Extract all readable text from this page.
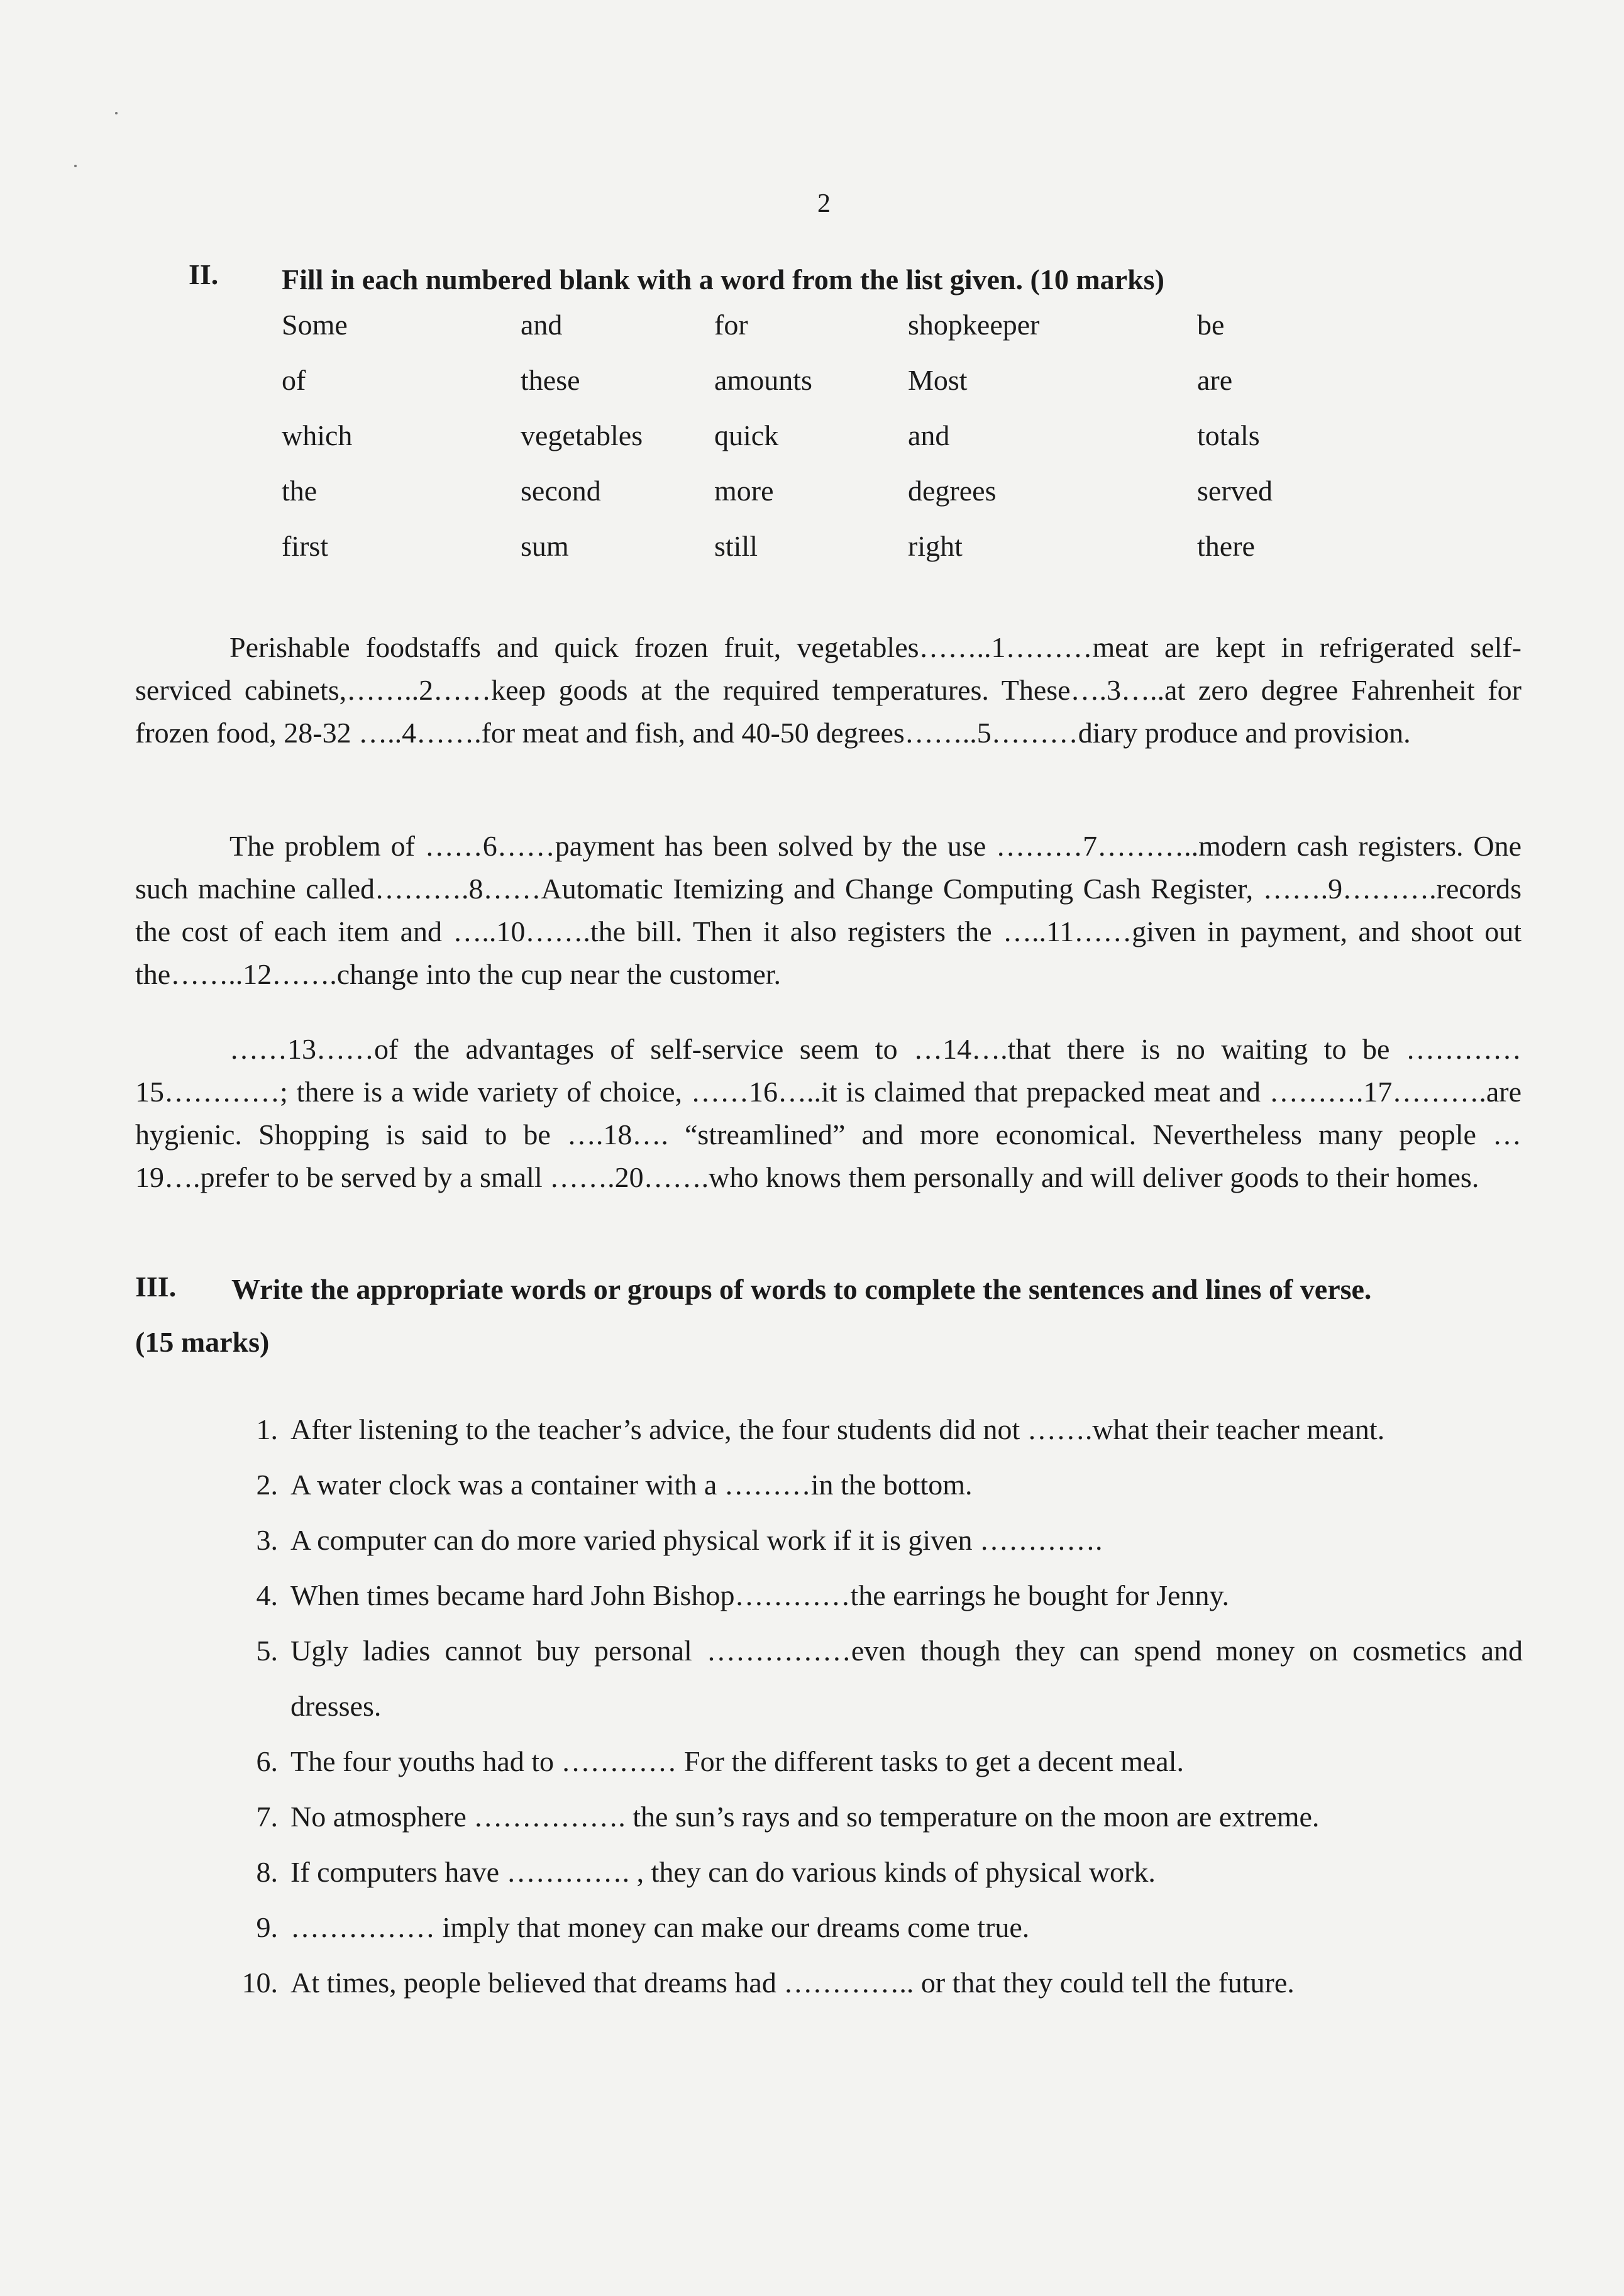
2
II. Fill in each numbered blank with a word from the list given. (10 marks)
Some	and	for	shopkeeper	be
of	these	amounts	Most	are
which	vegetables	quick	and	totals
the	second	more	degrees	served
first	sum	still	right	there

Perishable foodstaffs and quick frozen fruit, vegetables……..1………meat are kept in refrigerated self-serviced cabinets,……..2……keep goods at the required temperatures. These….3…..at zero degree Fahrenheit for frozen food, 28-32 …..4…….for meat and fish, and 40-50 degrees……..5………diary produce and provision.

The problem of ……6……payment has been solved by the use ………7………..modern cash registers. One such machine called……….8……Automatic Itemizing and Change Computing Cash Register, …….9……….records the cost of each item and …..10…….the bill. Then it also registers the …..11……given in payment, and shoot out the……..12…….change into the cup near the customer.

……13……of the advantages of self-service seem to …14….that there is no waiting to be …………15…………; there is a wide variety of choice, ……16…..it is claimed that prepacked meat and ……….17……….are hygienic. Shopping is said to be ….18…. “streamlined” and more economical. Nevertheless many people …19….prefer to be served by a small …….20…….who knows them personally and will deliver goods to their homes.

III. Write the appropriate words or groups of words to complete the sentences and lines of verse.
(15 marks)
1. After listening to the teacher’s advice, the four students did not …….what their teacher meant.
2. A water clock was a container with a ………in the bottom.
3. A computer can do more varied physical work if it is given ………….
4. When times became hard John Bishop…………the earrings he bought for Jenny.
5. Ugly ladies cannot buy personal ……………even though they can spend money on cosmetics and dresses.
6. The four youths had to ………… For the different tasks to get a decent meal.
7. No atmosphere ……………. the sun’s rays and so temperature on the moon are extreme.
8. If computers have …………. , they can do various kinds of physical work.
9. …………… imply that money can make our dreams come true.
10. At times, people believed that dreams had ………….. or that they could tell the future.
